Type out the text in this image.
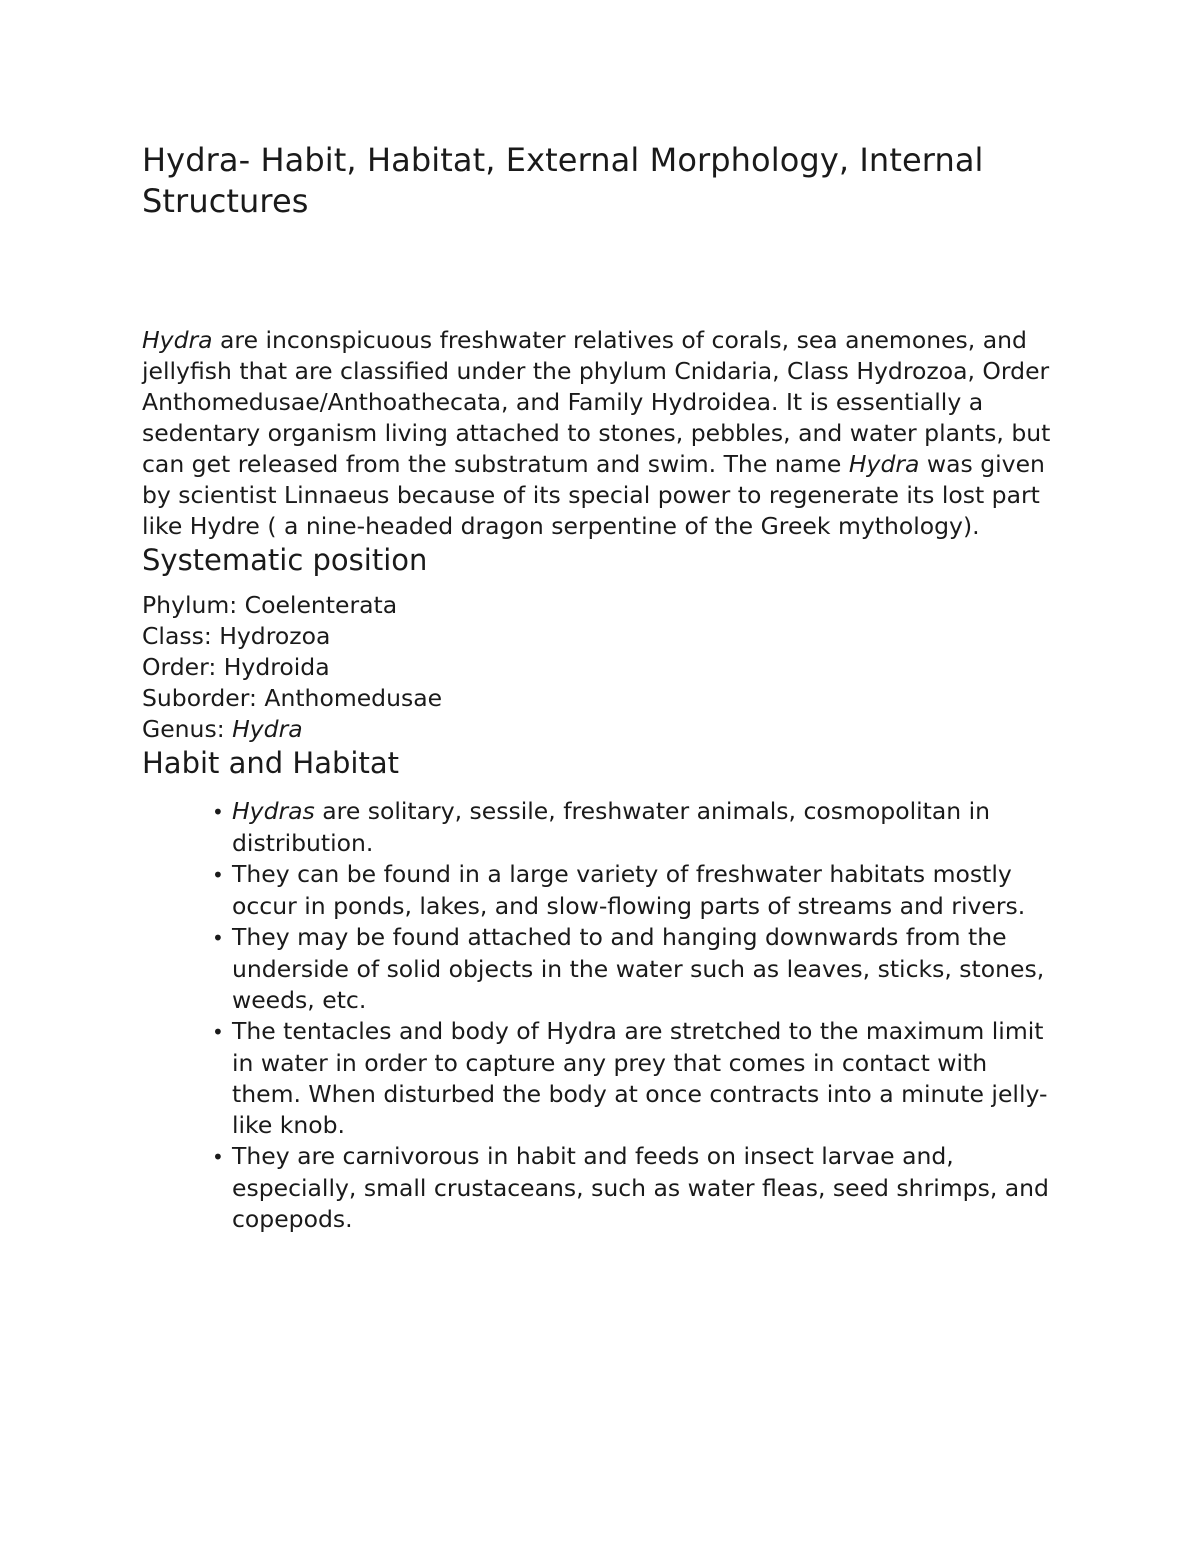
Hydra- Habit, Habitat, External Morphology, Internal Structures

Hydra are inconspicuous freshwater relatives of corals, sea anemones, and jellyfish that are classified under the phylum Cnidaria, Class Hydrozoa, Order Anthomedusae/Anthoathecata, and Family Hydroidea. It is essentially a sedentary organism living attached to stones, pebbles, and water plants, but can get released from the substratum and swim. The name Hydra was given by scientist Linnaeus because of its special power to regenerate its lost part like Hydre ( a nine-headed dragon serpentine of the Greek mythology).

Systematic position
Phylum: Coelenterata
Class: Hydrozoa
Order: Hydroida
Suborder: Anthomedusae
Genus: Hydra
Habit and Habitat
• Hydras are solitary, sessile, freshwater animals, cosmopolitan in distribution.
• They can be found in a large variety of freshwater habitats mostly occur in ponds, lakes, and slow-flowing parts of streams and rivers.
• They may be found attached to and hanging downwards from the underside of solid objects in the water such as leaves, sticks, stones, weeds, etc.
• The tentacles and body of Hydra are stretched to the maximum limit in water in order to capture any prey that comes in contact with them. When disturbed the body at once contracts into a minute jelly-like knob.
• They are carnivorous in habit and feeds on insect larvae and, especially, small crustaceans, such as water fleas, seed shrimps, and copepods.
